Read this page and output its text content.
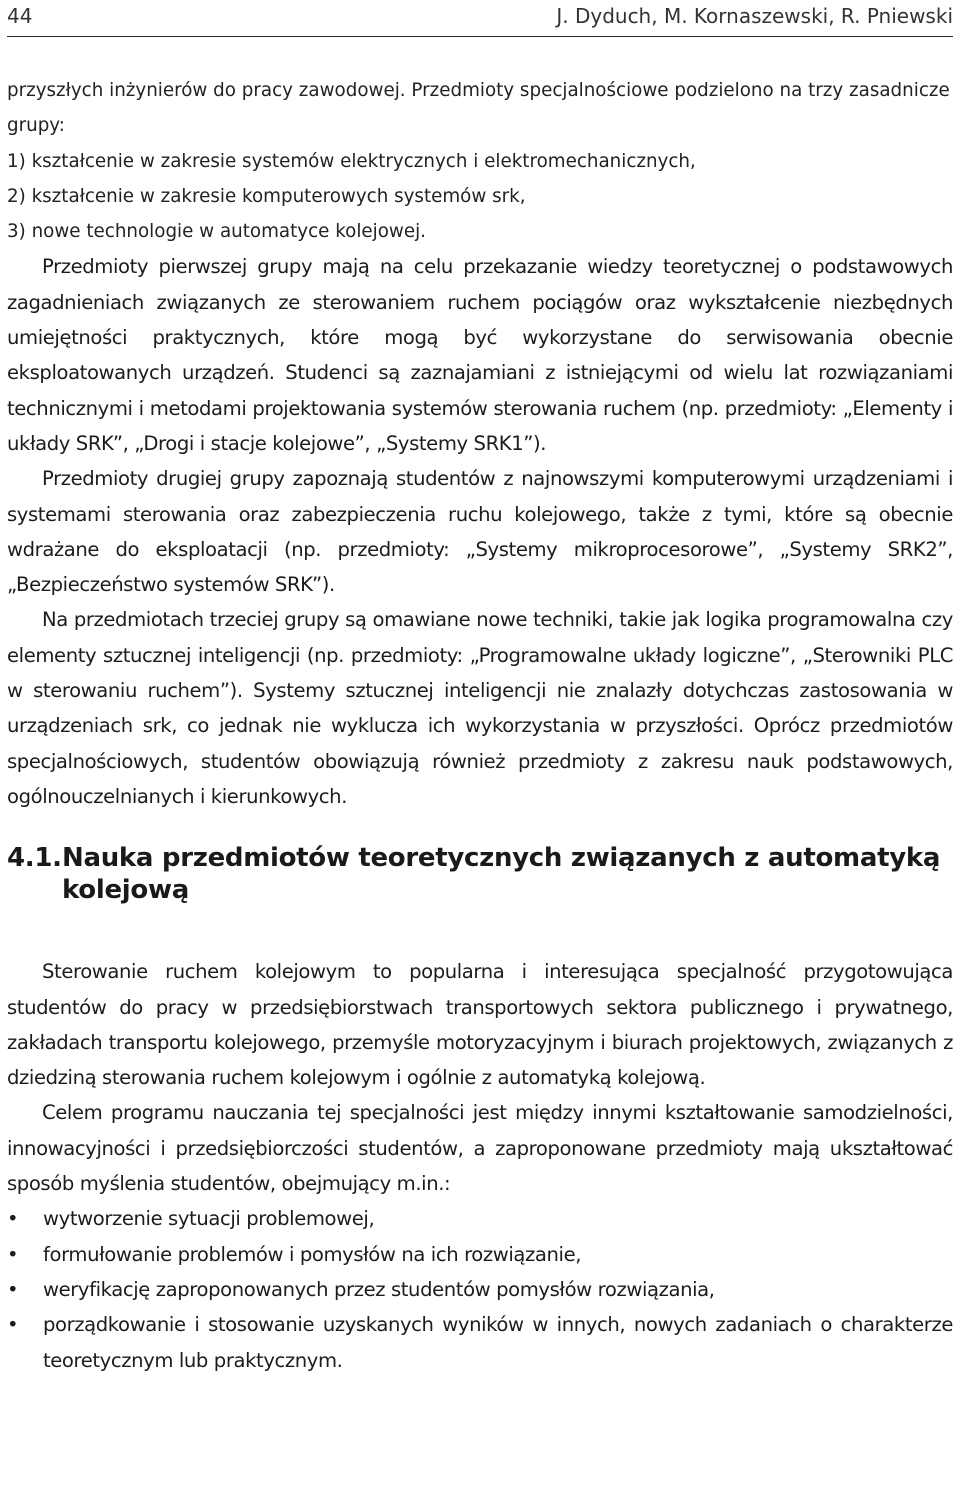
44	J. Dyduch, M. Kornaszewski, R. Pniewski
przyszłych inżynierów do pracy zawodowej. Przedmioty specjalnościowe podzielono na trzy zasadnicze grupy:
1) kształcenie w zakresie systemów elektrycznych i elektromechanicznych,
2) kształcenie w zakresie komputerowych systemów srk,
3) nowe technologie w automatyce kolejowej.

Przedmioty pierwszej grupy mają na celu przekazanie wiedzy teoretycznej o podstawowych zagadnieniach związanych ze sterowaniem ruchem pociągów oraz wykształcenie niezbędnych umiejętności praktycznych, które mogą być wykorzystane do serwisowania obecnie eksploatowanych urządzeń. Studenci są zaznajamiani z istniejącymi od wielu lat rozwiązaniami technicznymi i metodami projektowania systemów sterowania ruchem (np. przedmioty: „Elementy i układy SRK”, „Drogi i stacje kolejowe”, „Systemy SRK1”).

Przedmioty drugiej grupy zapoznają studentów z najnowszymi komputerowymi urządzeniami i systemami sterowania oraz zabezpieczenia ruchu kolejowego, także z tymi, które są obecnie wdrażane do eksploatacji (np. przedmioty: „Systemy mikroprocesorowe”, „Systemy SRK2”, „Bezpieczeństwo systemów SRK”).

Na przedmiotach trzeciej grupy są omawiane nowe techniki, takie jak logika programowalna czy elementy sztucznej inteligencji (np. przedmioty: „Programowalne układy logiczne”, „Sterowniki PLC w sterowaniu ruchem”). Systemy sztucznej inteligencji nie znalazły dotychczas zastosowania w urządzeniach srk, co jednak nie wyklucza ich wykorzystania w przyszłości. Oprócz przedmiotów specjalnościowych, studentów obowiązują również przedmioty z zakresu nauk podstawowych, ogólnouczelnianych i kierunkowych.

4.1. Nauka przedmiotów teoretycznych związanych z automatyką kolejową

Sterowanie ruchem kolejowym to popularna i interesująca specjalność przygotowująca studentów do pracy w przedsiębiorstwach transportowych sektora publicznego i prywatnego, zakładach transportu kolejowego, przemyśle motoryzacyjnym i biurach projektowych, związanych z dziedziną sterowania ruchem kolejowym i ogólnie z automatyką kolejową.

Celem programu nauczania tej specjalności jest między innymi kształtowanie samodzielności, innowacyjności i przedsiębiorczości studentów, a zaproponowane przedmioty mają ukształtować sposób myślenia studentów, obejmujący m.in.:

• wytworzenie sytuacji problemowej,
• formułowanie problemów i pomysłów na ich rozwiązanie,
• weryfikację zaproponowanych przez studentów pomysłów rozwiązania,
• porządkowanie i stosowanie uzyskanych wyników w innych, nowych zadaniach o charakterze teoretycznym lub praktycznym.
